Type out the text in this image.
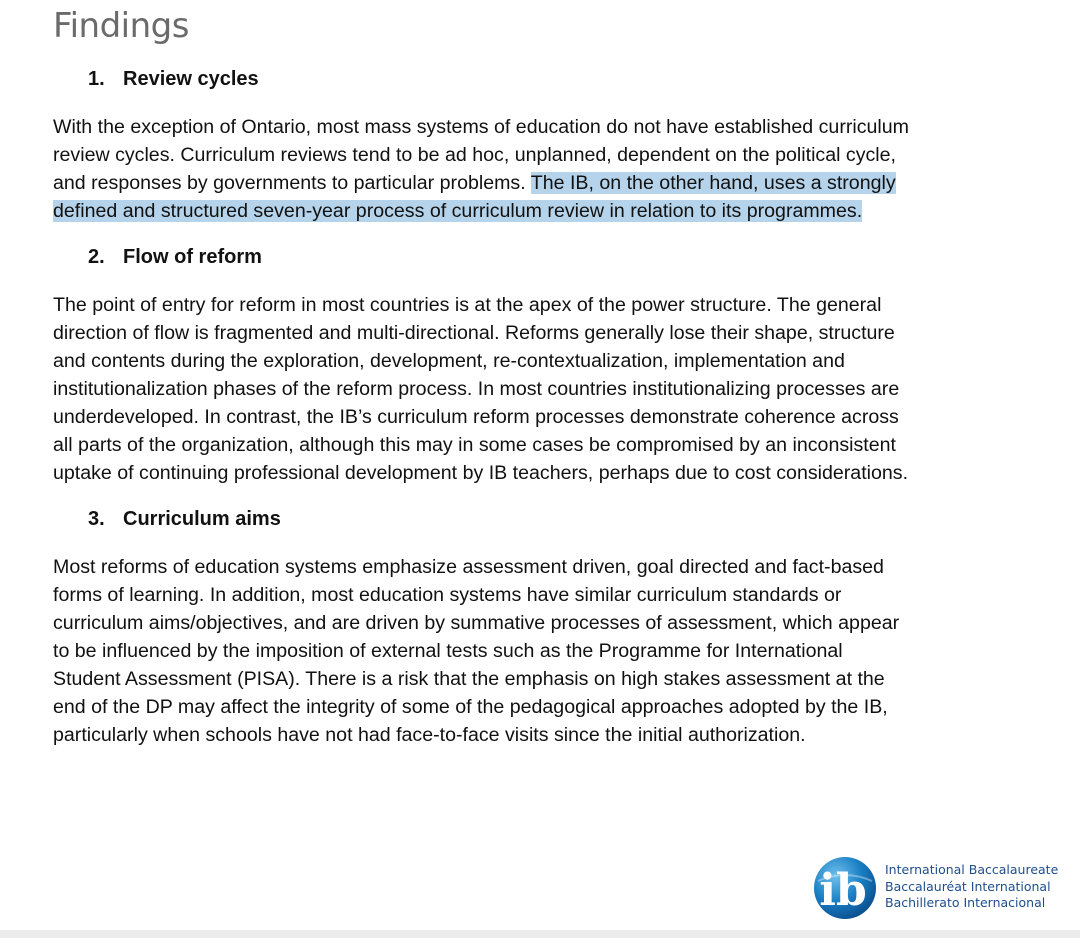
Findings
1. Review cycles

With the exception of Ontario, most mass systems of education do not have established curriculum
review cycles. Curriculum reviews tend to be ad hoc, unplanned, dependent on the political cycle,
and responses by governments to particular problems. The IB, on the other hand, uses a strongly
defined and structured seven-year process of curriculum review in relation to its programmes.

2. Flow of reform

The point of entry for reform in most countries is at the apex of the power structure. The general
direction of flow is fragmented and multi-directional. Reforms generally lose their shape, structure
and contents during the exploration, development, re-contextualization, implementation and
institutionalization phases of the reform process. In most countries institutionalizing processes are
underdeveloped. In contrast, the IB’s curriculum reform processes demonstrate coherence across
all parts of the organization, although this may in some cases be compromised by an inconsistent
uptake of continuing professional development by IB teachers, perhaps due to cost considerations.

3. Curriculum aims

Most reforms of education systems emphasize assessment driven, goal directed and fact-based
forms of learning. In addition, most education systems have similar curriculum standards or
curriculum aims/objectives, and are driven by summative processes of assessment, which appear
to be influenced by the imposition of external tests such as the Programme for International
Student Assessment (PISA). There is a risk that the emphasis on high stakes assessment at the
end of the DP may affect the integrity of some of the pedagogical approaches adopted by the IB,
particularly when schools have not had face-to-face visits since the initial authorization.

ib International Baccalaureate
Baccalauréat International
Bachillerato Internacional
